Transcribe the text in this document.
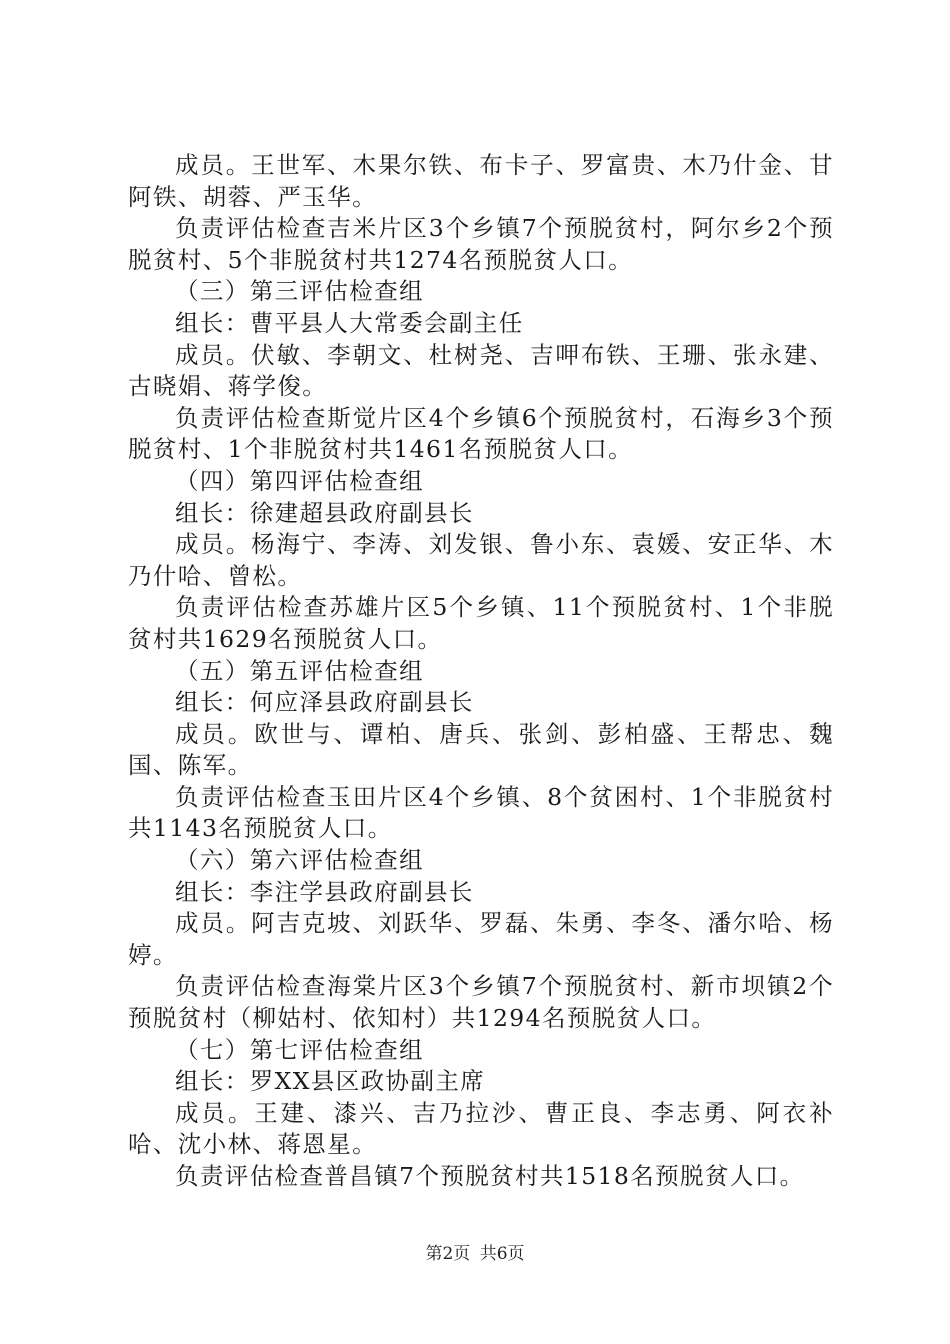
成员。王世军、木果尔铁、布卡子、罗富贵、木乃什金、甘阿铁、胡蓉、严玉华。

负责评估检查吉米片区3个乡镇7个预脱贫村，阿尔乡2个预脱贫村、5个非脱贫村共1274名预脱贫人口。

（三）第三评估检查组

组长：曹平县人大常委会副主任

成员。伏敏、李朝文、杜树尧、吉呷布铁、王珊、张永建、古晓娟、蒋学俊。

负责评估检查斯觉片区4个乡镇6个预脱贫村，石海乡3个预脱贫村、1个非脱贫村共1461名预脱贫人口。

（四）第四评估检查组

组长：徐建超县政府副县长

成员。杨海宁、李涛、刘发银、鲁小东、袁媛、安正华、木乃什哈、曾松。

负责评估检查苏雄片区5个乡镇、11个预脱贫村、1个非脱贫村共1629名预脱贫人口。

（五）第五评估检查组

组长：何应泽县政府副县长

成员。欧世与、谭柏、唐兵、张剑、彭柏盛、王帮忠、魏国、陈军。

负责评估检查玉田片区4个乡镇、8个贫困村、1个非脱贫村共1143名预脱贫人口。

（六）第六评估检查组

组长：李注学县政府副县长

成员。阿吉克坡、刘跃华、罗磊、朱勇、李冬、潘尔哈、杨婷。

负责评估检查海棠片区3个乡镇7个预脱贫村、新市坝镇2个预脱贫村（柳姑村、依知村）共1294名预脱贫人口。

（七）第七评估检查组

组长：罗XX县区政协副主席

成员。王建、漆兴、吉乃拉沙、曹正良、李志勇、阿衣补哈、沈小林、蒋恩星。

负责评估检查普昌镇7个预脱贫村共1518名预脱贫人口。

第2页 共6页
